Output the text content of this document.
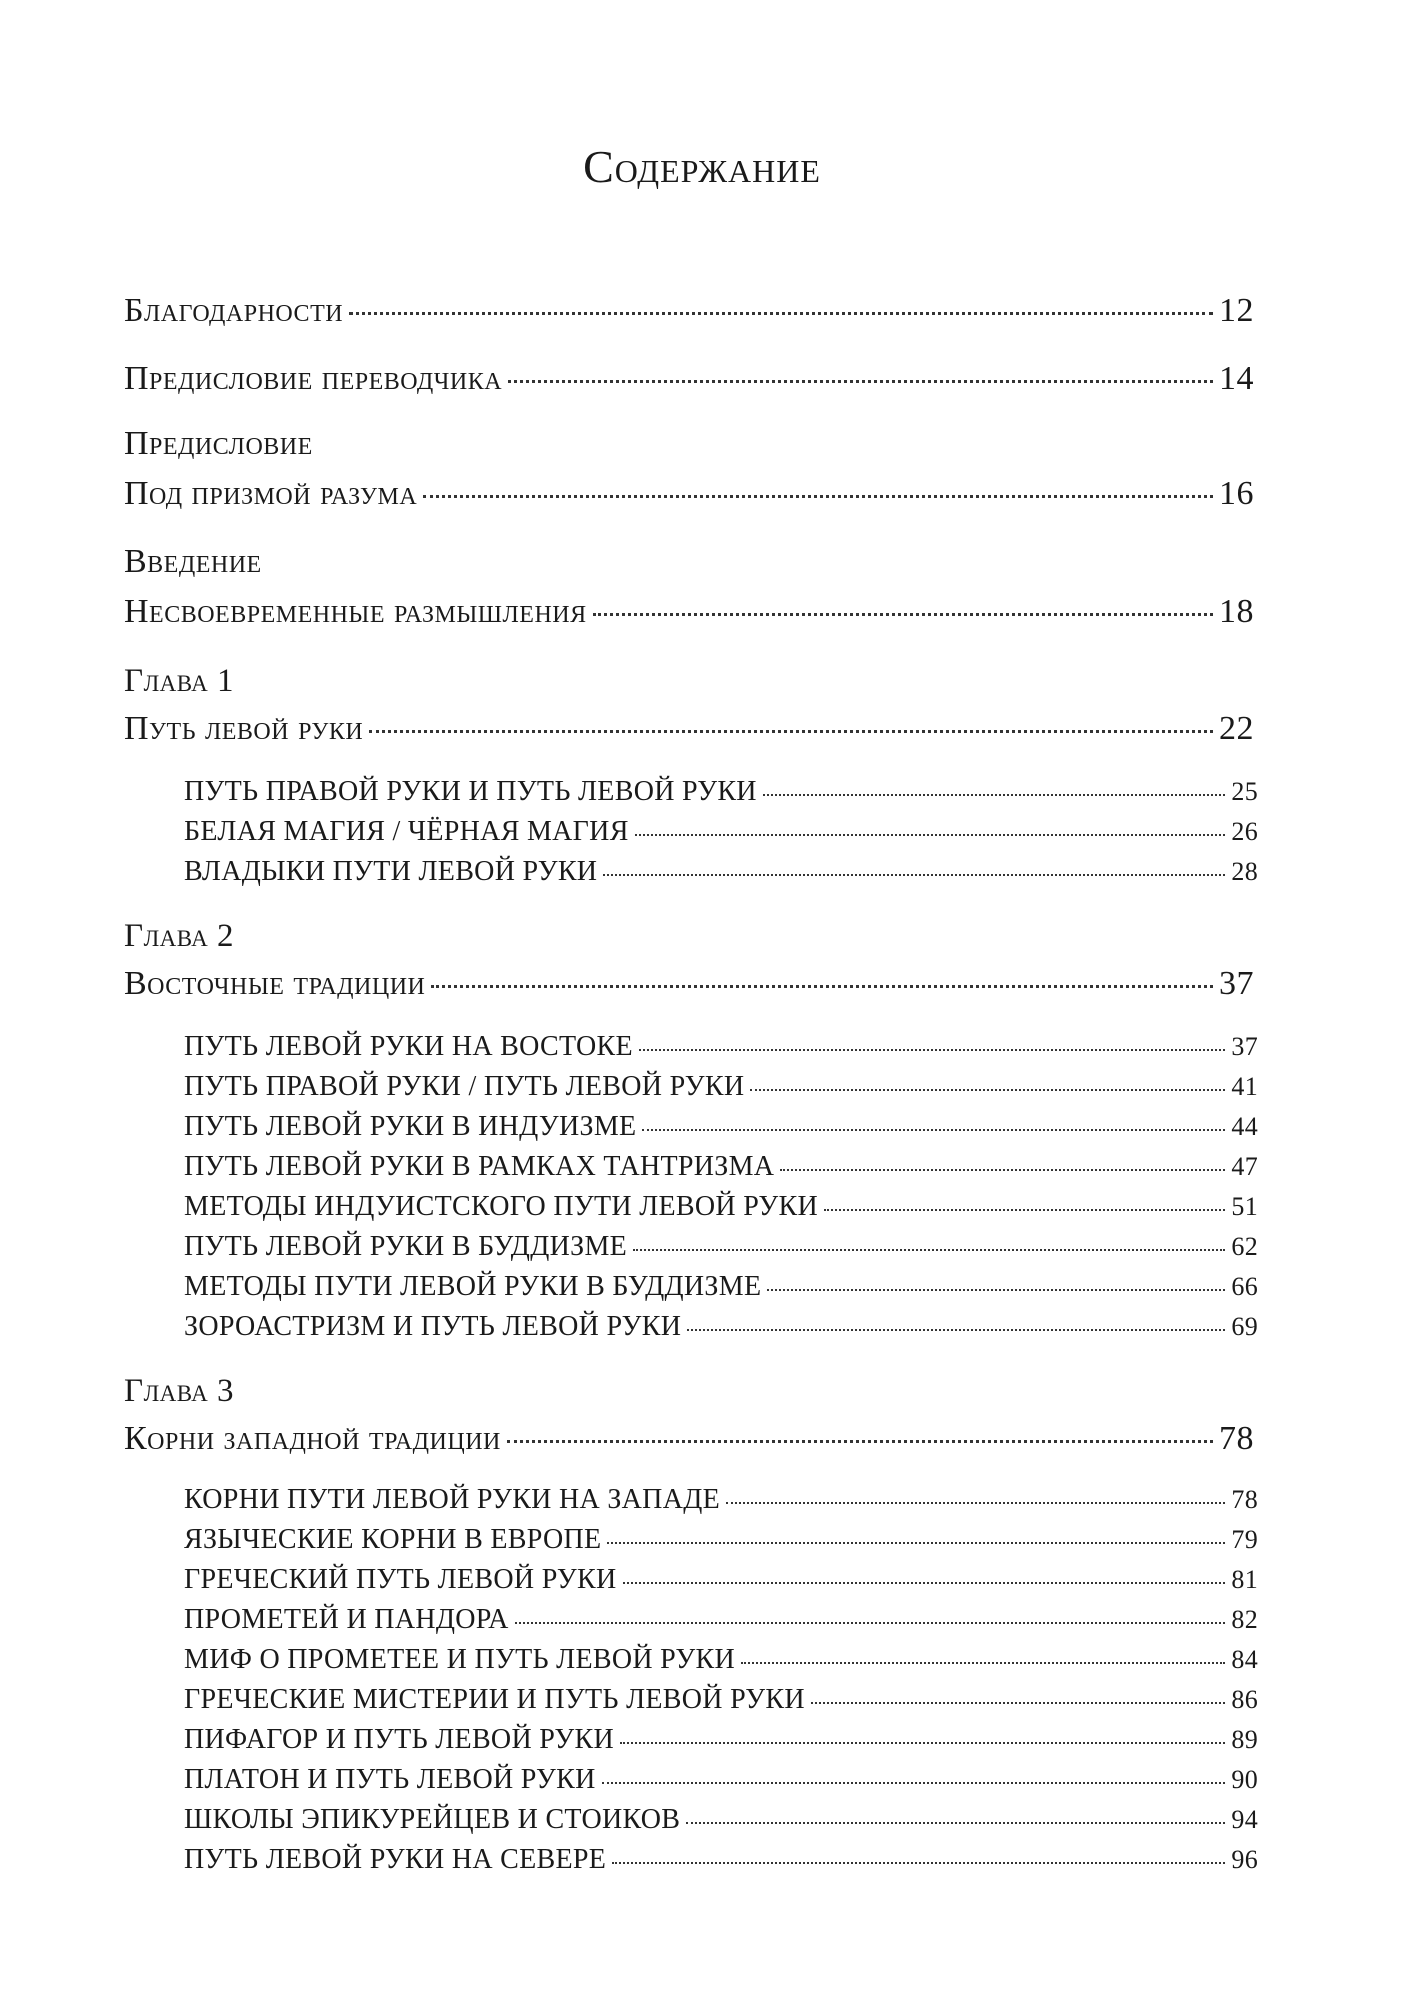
Содержание
Благодарности	12
Предисловие переводчика	14
Предисловие
Под призмой разума	16
Введение
Несвоевременные размышления	18
Глава 1
Путь левой руки	22
ПУТЬ ПРАВОЙ РУКИ И ПУТЬ ЛЕВОЙ РУКИ	25
БЕЛАЯ МАГИЯ / ЧЁРНАЯ МАГИЯ	26
ВЛАДЫКИ ПУТИ ЛЕВОЙ РУКИ	28
Глава 2
Восточные традиции	37
ПУТЬ ЛЕВОЙ РУКИ НА ВОСТОКЕ	37
ПУТЬ ПРАВОЙ РУКИ / ПУТЬ ЛЕВОЙ РУКИ	41
ПУТЬ ЛЕВОЙ РУКИ В ИНДУИЗМЕ	44
ПУТЬ ЛЕВОЙ РУКИ В РАМКАХ ТАНТРИЗМА	47
МЕТОДЫ ИНДУИСТСКОГО ПУТИ ЛЕВОЙ РУКИ	51
ПУТЬ ЛЕВОЙ РУКИ В БУДДИЗМЕ	62
МЕТОДЫ ПУТИ ЛЕВОЙ РУКИ В БУДДИЗМЕ	66
ЗОРОАСТРИЗМ И ПУТЬ ЛЕВОЙ РУКИ	69
Глава 3
Корни западной традиции	78
КОРНИ ПУТИ ЛЕВОЙ РУКИ НА ЗАПАДЕ	78
ЯЗЫЧЕСКИЕ КОРНИ В ЕВРОПЕ	79
ГРЕЧЕСКИЙ ПУТЬ ЛЕВОЙ РУКИ	81
ПРОМЕТЕЙ И ПАНДОРА	82
МИФ О ПРОМЕТЕЕ И ПУТЬ ЛЕВОЙ РУКИ	84
ГРЕЧЕСКИЕ МИСТЕРИИ И ПУТЬ ЛЕВОЙ РУКИ	86
ПИФАГОР И ПУТЬ ЛЕВОЙ РУКИ	89
ПЛАТОН И ПУТЬ ЛЕВОЙ РУКИ	90
ШКОЛЫ ЭПИКУРЕЙЦЕВ И СТОИКОВ	94
ПУТЬ ЛЕВОЙ РУКИ НА СЕВЕРЕ	96
